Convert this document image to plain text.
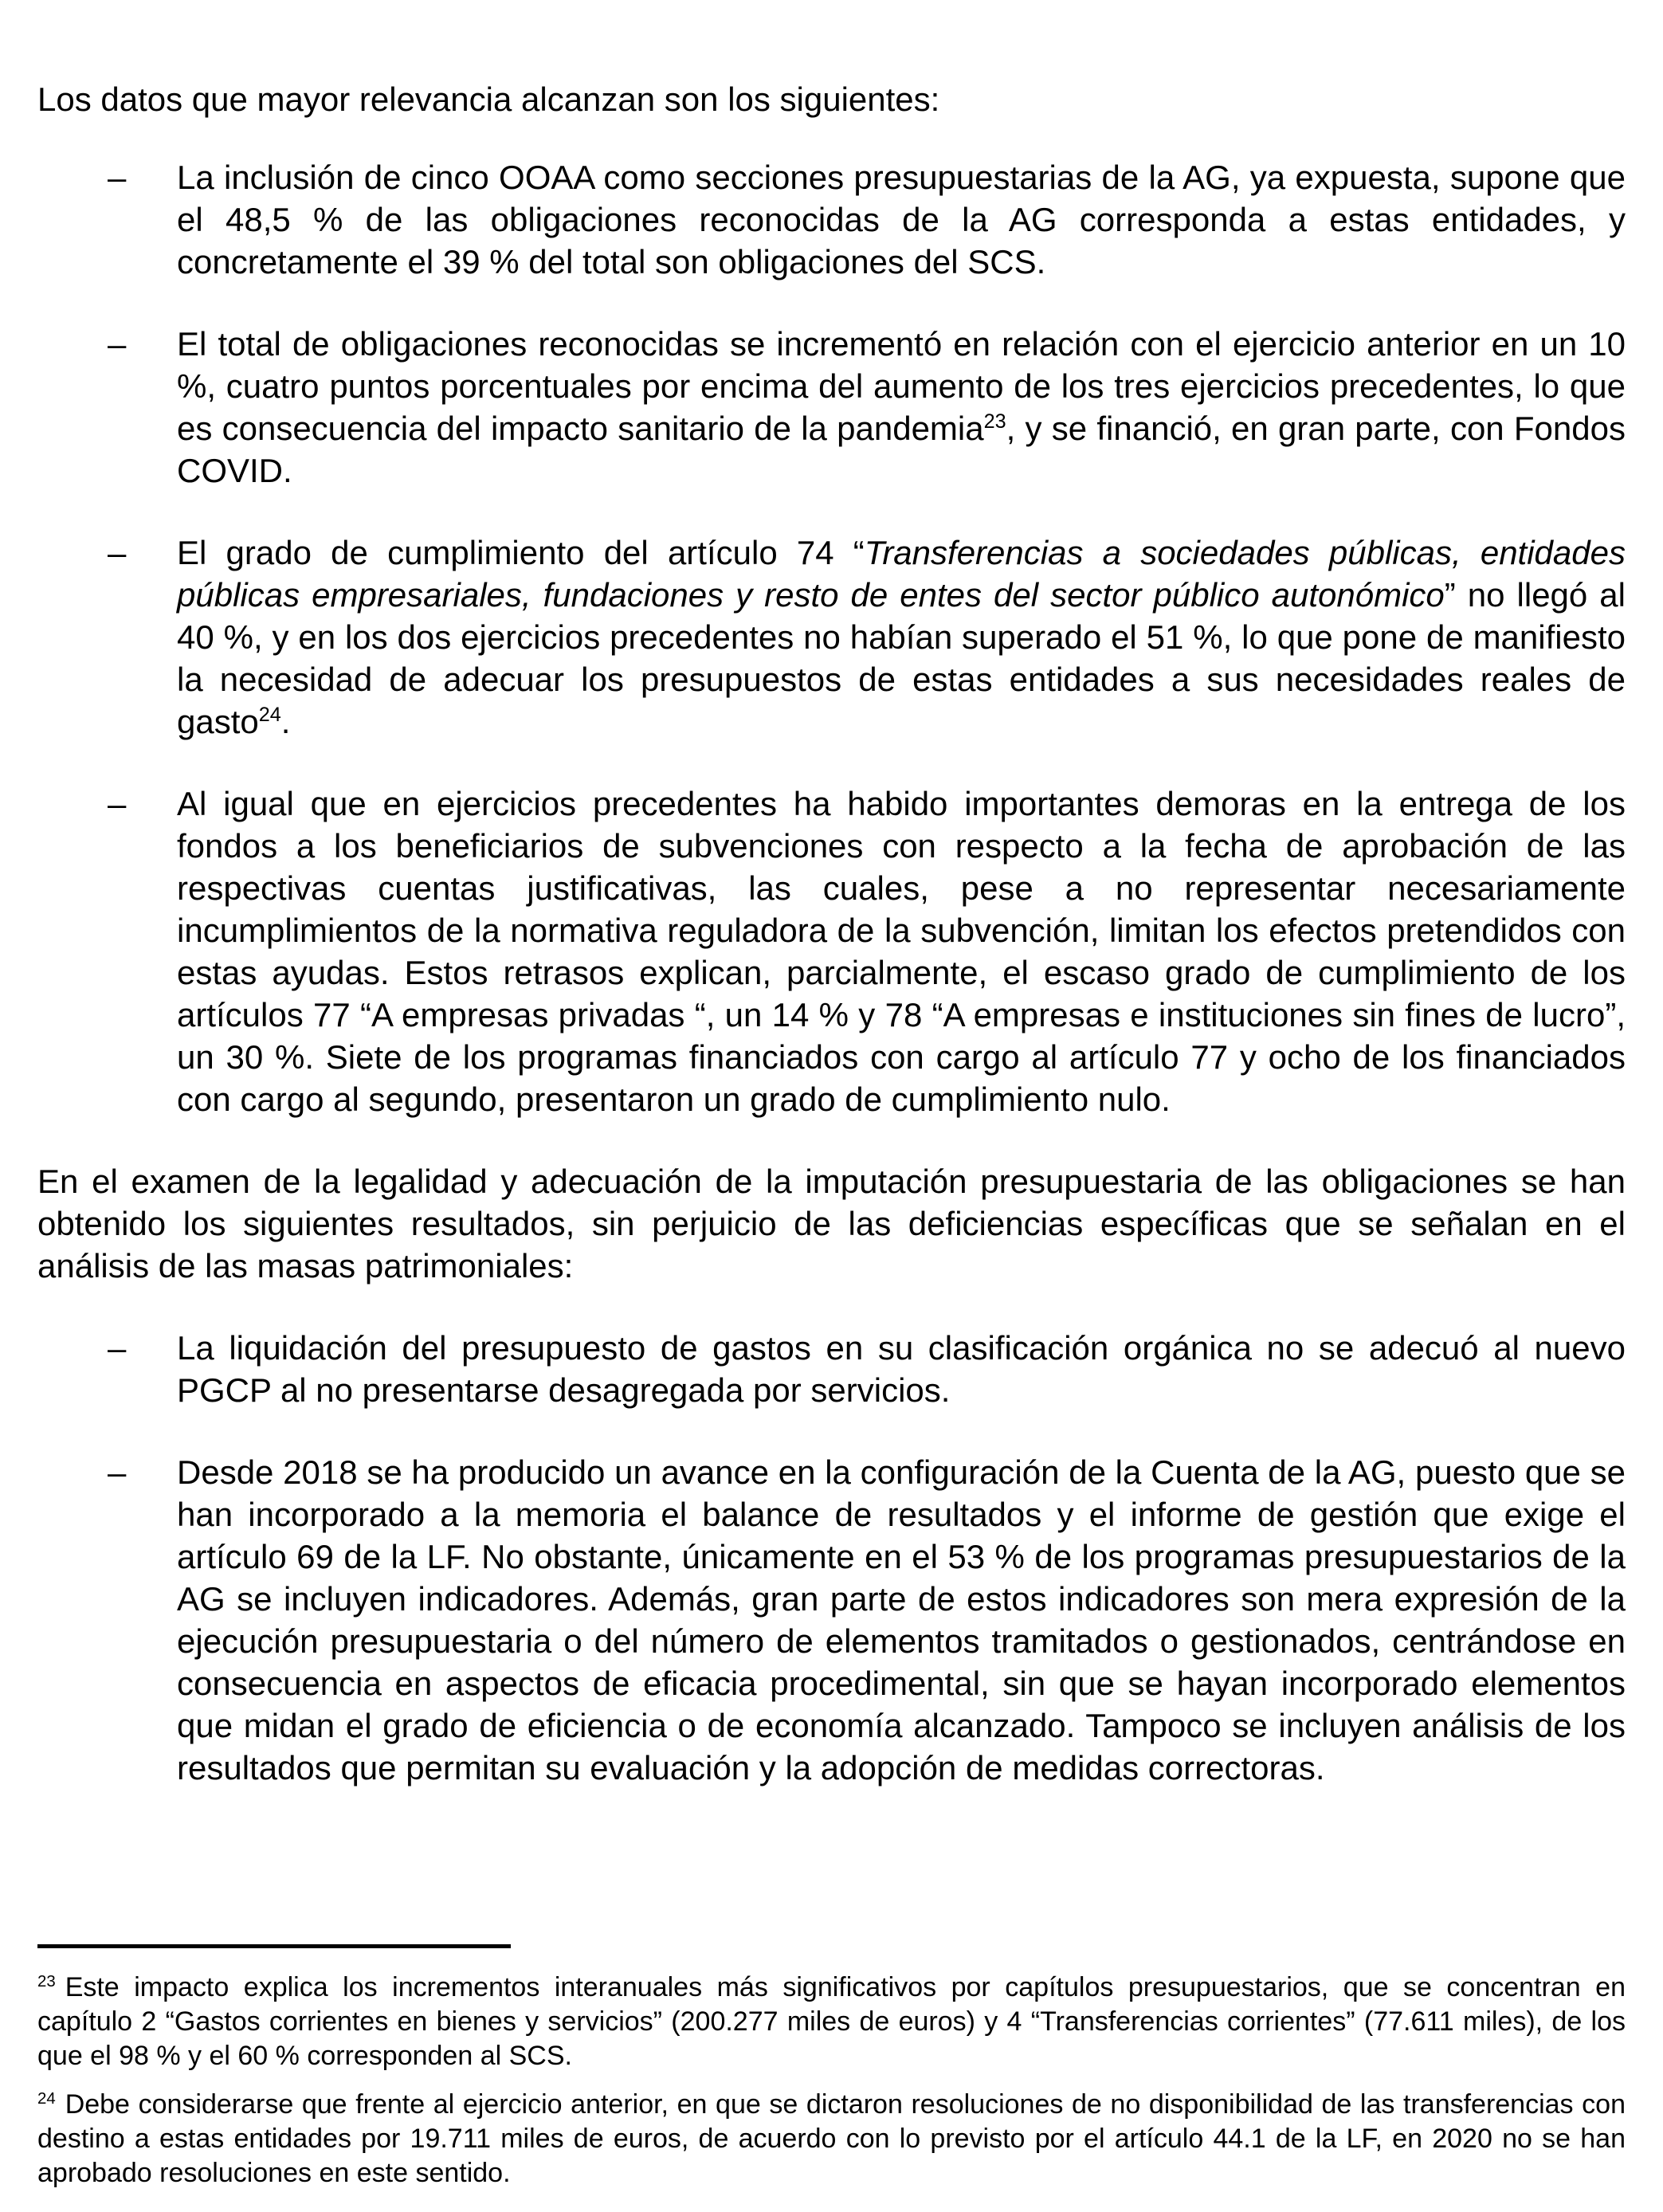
Los datos que mayor relevancia alcanzan son los siguientes:

– La inclusión de cinco OOAA como secciones presupuestarias de la AG, ya expuesta, supone que el 48,5 % de las obligaciones reconocidas de la AG corresponda a estas entidades, y concretamente el 39 % del total son obligaciones del SCS.
– El total de obligaciones reconocidas se incrementó en relación con el ejercicio anterior en un 10 %, cuatro puntos porcentuales por encima del aumento de los tres ejercicios precedentes, lo que es consecuencia del impacto sanitario de la pandemia$^{23}$, y se financió, en gran parte, con Fondos COVID.
– El grado de cumplimiento del artículo 74 “Transferencias a sociedades públicas, entidades públicas empresariales, fundaciones y resto de entes del sector público autonómico” no llegó al 40 %, y en los dos ejercicios precedentes no habían superado el 51 %, lo que pone de manifiesto la necesidad de adecuar los presupuestos de estas entidades a sus necesidades reales de gasto$^{24}$.
– Al igual que en ejercicios precedentes ha habido importantes demoras en la entrega de los fondos a los beneficiarios de subvenciones con respecto a la fecha de aprobación de las respectivas cuentas justificativas, las cuales, pese a no representar necesariamente incumplimientos de la normativa reguladora de la subvención, limitan los efectos pretendidos con estas ayudas. Estos retrasos explican, parcialmente, el escaso grado de cumplimiento de los artículos 77 “A empresas privadas “, un 14 % y 78 “A empresas e instituciones sin fines de lucro”, un 30 %. Siete de los programas financiados con cargo al artículo 77 y ocho de los financiados con cargo al segundo, presentaron un grado de cumplimiento nulo.

En el examen de la legalidad y adecuación de la imputación presupuestaria de las obligaciones se han obtenido los siguientes resultados, sin perjuicio de las deficiencias específicas que se señalan en el análisis de las masas patrimoniales:

– La liquidación del presupuesto de gastos en su clasificación orgánica no se adecuó al nuevo PGCP al no presentarse desagregada por servicios.
– Desde 2018 se ha producido un avance en la configuración de la Cuenta de la AG, puesto que se han incorporado a la memoria el balance de resultados y el informe de gestión que exige el artículo 69 de la LF. No obstante, únicamente en el 53 % de los programas presupuestarios de la AG se incluyen indicadores. Además, gran parte de estos indicadores son mera expresión de la ejecución presupuestaria o del número de elementos tramitados o gestionados, centrándose en consecuencia en aspectos de eficacia procedimental, sin que se hayan incorporado elementos que midan el grado de eficiencia o de economía alcanzado. Tampoco se incluyen análisis de los resultados que permitan su evaluación y la adopción de medidas correctoras.

$^{23}$ Este impacto explica los incrementos interanuales más significativos por capítulos presupuestarios, que se concentran en capítulo 2 “Gastos corrientes en bienes y servicios” (200.277 miles de euros) y 4 “Transferencias corrientes” (77.611 miles), de los que el 98 % y el 60 % corresponden al SCS.

$^{24}$ Debe considerarse que frente al ejercicio anterior, en que se dictaron resoluciones de no disponibilidad de las transferencias con destino a estas entidades por 19.711 miles de euros, de acuerdo con lo previsto por el artículo 44.1 de la LF, en 2020 no se han aprobado resoluciones en este sentido.
